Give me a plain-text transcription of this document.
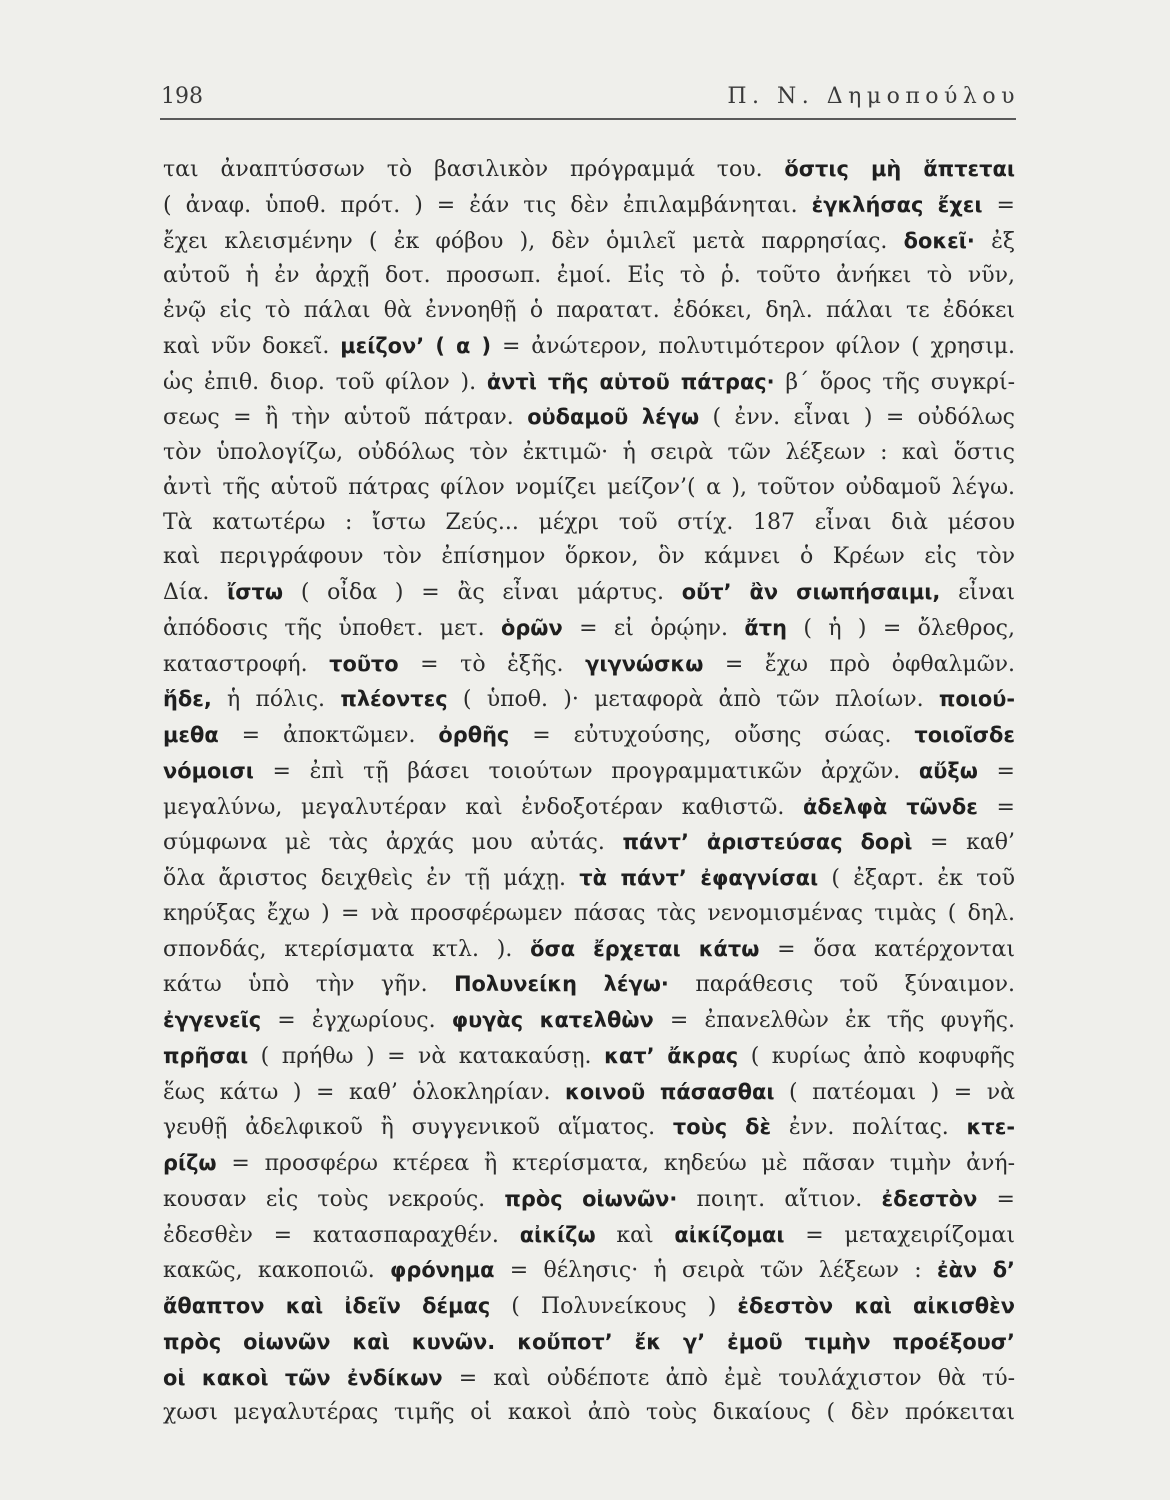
198	Π. Ν. Δημοπούλου
ται ἀναπτύσσων τὸ βασιλικὸν πρόγραμμά του. ὅστις μὴ ἅπτεται
( ἀναφ. ὑποθ. πρότ. ) = ἐάν τις δὲν ἐπιλαμβάνηται. ἐγκλήσας ἔχει =
ἔχει κλεισμένην ( ἐκ φόβου ), δὲν ὁμιλεῖ μετὰ παρρησίας. δοκεῖ· ἐξ
αὐτοῦ ἡ ἐν ἀρχῇ δοτ. προσωπ. ἐμοί. Εἰς τὸ ῥ. τοῦτο ἀνήκει τὸ νῦν,
ἐνῷ εἰς τὸ πάλαι θὰ ἐννοηθῇ ὁ παρατατ. ἐδόκει, δηλ. πάλαι τε ἐδόκει
καὶ νῦν δοκεῖ. μείζον’ ( α ) = ἀνώτερον, πολυτιμότερον φίλον ( χρησιμ.
ὡς ἐπιθ. διορ. τοῦ φίλον ). ἀντὶ τῆς αὑτοῦ πάτρας· β΄ ὅρος τῆς συγκρί-
σεως = ἢ τὴν αὑτοῦ πάτραν. οὐδαμοῦ λέγω ( ἐνν. εἶναι ) = οὐδόλως
τὸν ὑπολογίζω, οὐδόλως τὸν ἐκτιμῶ· ἡ σειρὰ τῶν λέξεων : καὶ ὅστις
ἀντὶ τῆς αὑτοῦ πάτρας φίλον νομίζει μείζον’( α ), τοῦτον οὐδαμοῦ λέγω.
Τὰ κατωτέρω : ἴστω Ζεύς... μέχρι τοῦ στίχ. 187 εἶναι διὰ μέσου
καὶ περιγράφουν τὸν ἐπίσημον ὅρκον, ὃν κάμνει ὁ Κρέων εἰς τὸν
Δία. ἴστω ( οἶδα ) = ἂς εἶναι μάρτυς. οὔτ’ ἂν σιωπήσαιμι, εἶναι
ἀπόδοσις τῆς ὑποθετ. μετ. ὁρῶν = εἰ ὁρῴην. ἄτη ( ἡ ) = ὄλεθρος,
καταστροφή. τοῦτο = τὸ ἑξῆς. γιγνώσκω = ἔχω πρὸ ὀφθαλμῶν.
ἥδε, ἡ πόλις. πλέοντες ( ὑποθ. )· μεταφορὰ ἀπὸ τῶν πλοίων. ποιού-
μεθα = ἀποκτῶμεν. ὀρθῆς = εὐτυχούσης, οὔσης σώας. τοιοῖσδε
νόμοισι = ἐπὶ τῇ βάσει τοιούτων προγραμματικῶν ἀρχῶν. αὔξω =
μεγαλύνω, μεγαλυτέραν καὶ ἐνδοξοτέραν καθιστῶ. ἀδελφὰ τῶνδε =
σύμφωνα μὲ τὰς ἀρχάς μου αὐτάς. πάντ’ ἀριστεύσας δορὶ = καθ’
ὅλα ἄριστος δειχθεὶς ἐν τῇ μάχῃ. τὰ πάντ’ ἐφαγνίσαι ( ἐξαρτ. ἐκ τοῦ
κηρύξας ἔχω ) = νὰ προσφέρωμεν πάσας τὰς νενομισμένας τιμὰς ( δηλ.
σπονδάς, κτερίσματα κτλ. ). ὅσα ἔρχεται κάτω = ὅσα κατέρχονται
κάτω ὑπὸ τὴν γῆν. Πολυνείκη λέγω· παράθεσις τοῦ ξύναιμον.
ἐγγενεῖς = ἐγχωρίους. φυγὰς κατελθὼν = ἐπανελθὼν ἐκ τῆς φυγῆς.
πρῆσαι ( πρήθω ) = νὰ κατακαύσῃ. κατ’ ἄκρας ( κυρίως ἀπὸ κοφυφῆς
ἕως κάτω ) = καθ’ ὁλοκληρίαν. κοινοῦ πάσασθαι ( πατέομαι ) = νὰ
γευθῇ ἀδελφικοῦ ἢ συγγενικοῦ αἵματος. τοὺς δὲ ἐνν. πολίτας. κτε-
ρίζω = προσφέρω κτέρεα ἢ κτερίσματα, κηδεύω μὲ πᾶσαν τιμὴν ἀνή-
κουσαν εἰς τοὺς νεκρούς. πρὸς οἰωνῶν· ποιητ. αἴτιον. ἐδεστὸν =
ἐδεσθὲν = κατασπαραχθέν. αἰκίζω καὶ αἰκίζομαι = μεταχειρίζομαι
κακῶς, κακοποιῶ. φρόνημα = θέλησις· ἡ σειρὰ τῶν λέξεων : ἐὰν δ’
ἄθαπτον καὶ ἰδεῖν δέμας ( Πολυνείκους ) ἐδεστὸν καὶ αἰκισθὲν
πρὸς οἰωνῶν καὶ κυνῶν. κοὔποτ’ ἔκ γ’ ἐμοῦ τιμὴν προέξουσ’
οἱ κακοὶ τῶν ἐνδίκων = καὶ οὐδέποτε ἀπὸ ἐμὲ τουλάχιστον θὰ τύ-
χωσι μεγαλυτέρας τιμῆς οἱ κακοὶ ἀπὸ τοὺς δικαίους ( δὲν πρόκειται
